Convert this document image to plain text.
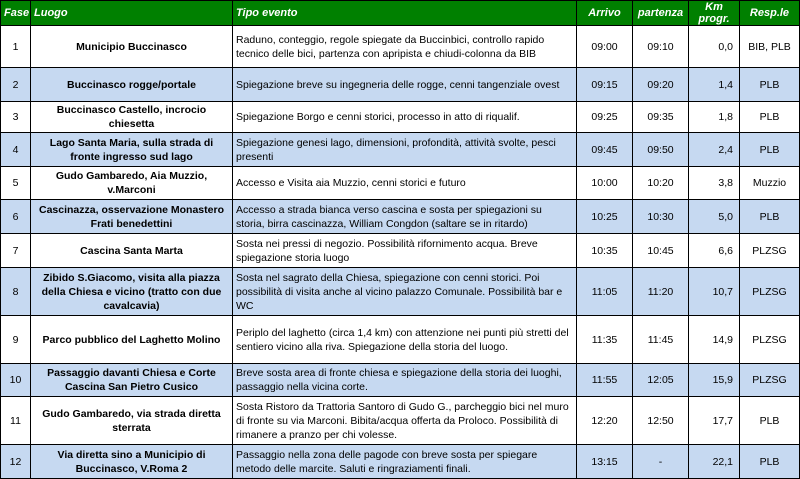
Fase	Luogo	Tipo evento	Arrivo	partenza	Km progr.	Resp.le
1	Municipio Buccinasco	Raduno, conteggio, regole spiegate da Buccinbici, controllo rapido tecnico delle bici, partenza con apripista e chiudi-colonna da BIB	09:00	09:10	0,0	BIB, PLB
2	Buccinasco rogge/portale	Spiegazione breve su ingegneria delle rogge, cenni tangenziale ovest	09:15	09:20	1,4	PLB
3	Buccinasco Castello, incrocio chiesetta	Spiegazione Borgo e cenni storici, processo in atto di riqualif.	09:25	09:35	1,8	PLB
4	Lago Santa Maria, sulla strada di fronte ingresso sud lago	Spiegazione genesi lago, dimensioni, profondità, attività svolte, pesci presenti	09:45	09:50	2,4	PLB
5	Gudo Gambaredo, Aia Muzzio, v.Marconi	Accesso e Visita aia Muzzio, cenni storici e futuro	10:00	10:20	3,8	Muzzio
6	Cascinazza, osservazione Monastero Frati benedettini	Accesso a strada bianca verso cascina e sosta per spiegazioni su storia, birra cascinazza, William Congdon (saltare se in ritardo)	10:25	10:30	5,0	PLB
7	Cascina Santa Marta	Sosta nei pressi di negozio. Possibilità rifornimento acqua. Breve spiegazione storia luogo	10:35	10:45	6,6	PLZSG
8	Zibido S.Giacomo, visita alla piazza della Chiesa e vicino (tratto con due cavalcavia)	Sosta nel sagrato della Chiesa, spiegazione con cenni storici. Poi possibilità di visita anche al vicino palazzo Comunale. Possibilità bar e WC	11:05	11:20	10,7	PLZSG
9	Parco pubblico del Laghetto Molino	Periplo del laghetto (circa 1,4 km) con attenzione nei punti più stretti del sentiero vicino alla riva. Spiegazione della storia del luogo.	11:35	11:45	14,9	PLZSG
10	Passaggio davanti Chiesa e Corte Cascina San Pietro Cusico	Breve sosta area di fronte chiesa e spiegazione della storia dei luoghi, passaggio nella vicina corte.	11:55	12:05	15,9	PLZSG
11	Gudo Gambaredo, via strada diretta sterrata	Sosta Ristoro da Trattoria Santoro di Gudo G., parcheggio bici nel muro di fronte su via Marconi. Bibita/acqua offerta da Proloco. Possibilità di rimanere a pranzo per chi volesse.	12:20	12:50	17,7	PLB
12	Via diretta sino a Municipio di Buccinasco, V.Roma 2	Passaggio nella zona delle pagode con breve sosta per spiegare metodo delle marcite. Saluti e ringraziamenti finali.	13:15	-	22,1	PLB
